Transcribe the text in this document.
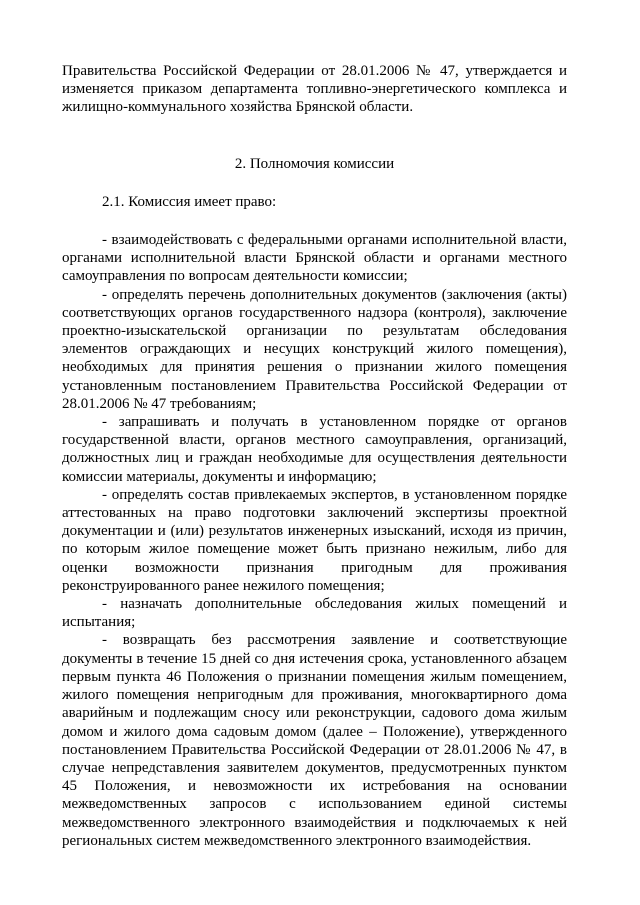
Правительства Российской Федерации от 28.01.2006 № 47, утверждается и изменяется приказом департамента топливно-энергетического комплекса и жилищно-коммунального хозяйства Брянской области.

2. Полномочия комиссии

2.1. Комиссия имеет право:

- взаимодействовать с федеральными органами исполнительной власти, органами исполнительной власти Брянской области и органами местного самоуправления по вопросам деятельности комиссии;

- определять перечень дополнительных документов (заключения (акты) соответствующих органов государственного надзора (контроля), заключение проектно-изыскательской организации по результатам обследования элементов ограждающих и несущих конструкций жилого помещения), необходимых для принятия решения о признании жилого помещения установленным постановлением Правительства Российской Федерации от 28.01.2006 № 47 требованиям;

- запрашивать и получать в установленном порядке от органов государственной власти, органов местного самоуправления, организаций, должностных лиц и граждан необходимые для осуществления деятельности комиссии материалы, документы и информацию;

- определять состав привлекаемых экспертов, в установленном порядке аттестованных на право подготовки заключений экспертизы проектной документации и (или) результатов инженерных изысканий, исходя из причин, по которым жилое помещение может быть признано нежилым, либо для оценки возможности признания пригодным для проживания реконструированного ранее нежилого помещения;

- назначать дополнительные обследования жилых помещений и испытания;

- возвращать без рассмотрения заявление и соответствующие документы в течение 15 дней со дня истечения срока, установленного абзацем первым пункта 46 Положения о признании помещения жилым помещением, жилого помещения непригодным для проживания, многоквартирного дома аварийным и подлежащим сносу или реконструкции, садового дома жилым домом и жилого дома садовым домом (далее – Положение), утвержденного постановлением Правительства Российской Федерации от 28.01.2006 № 47, в случае непредставления заявителем документов, предусмотренных пунктом 45 Положения, и невозможности их истребования на основании межведомственных запросов с использованием единой системы межведомственного электронного взаимодействия и подключаемых к ней региональных систем межведомственного электронного взаимодействия.
